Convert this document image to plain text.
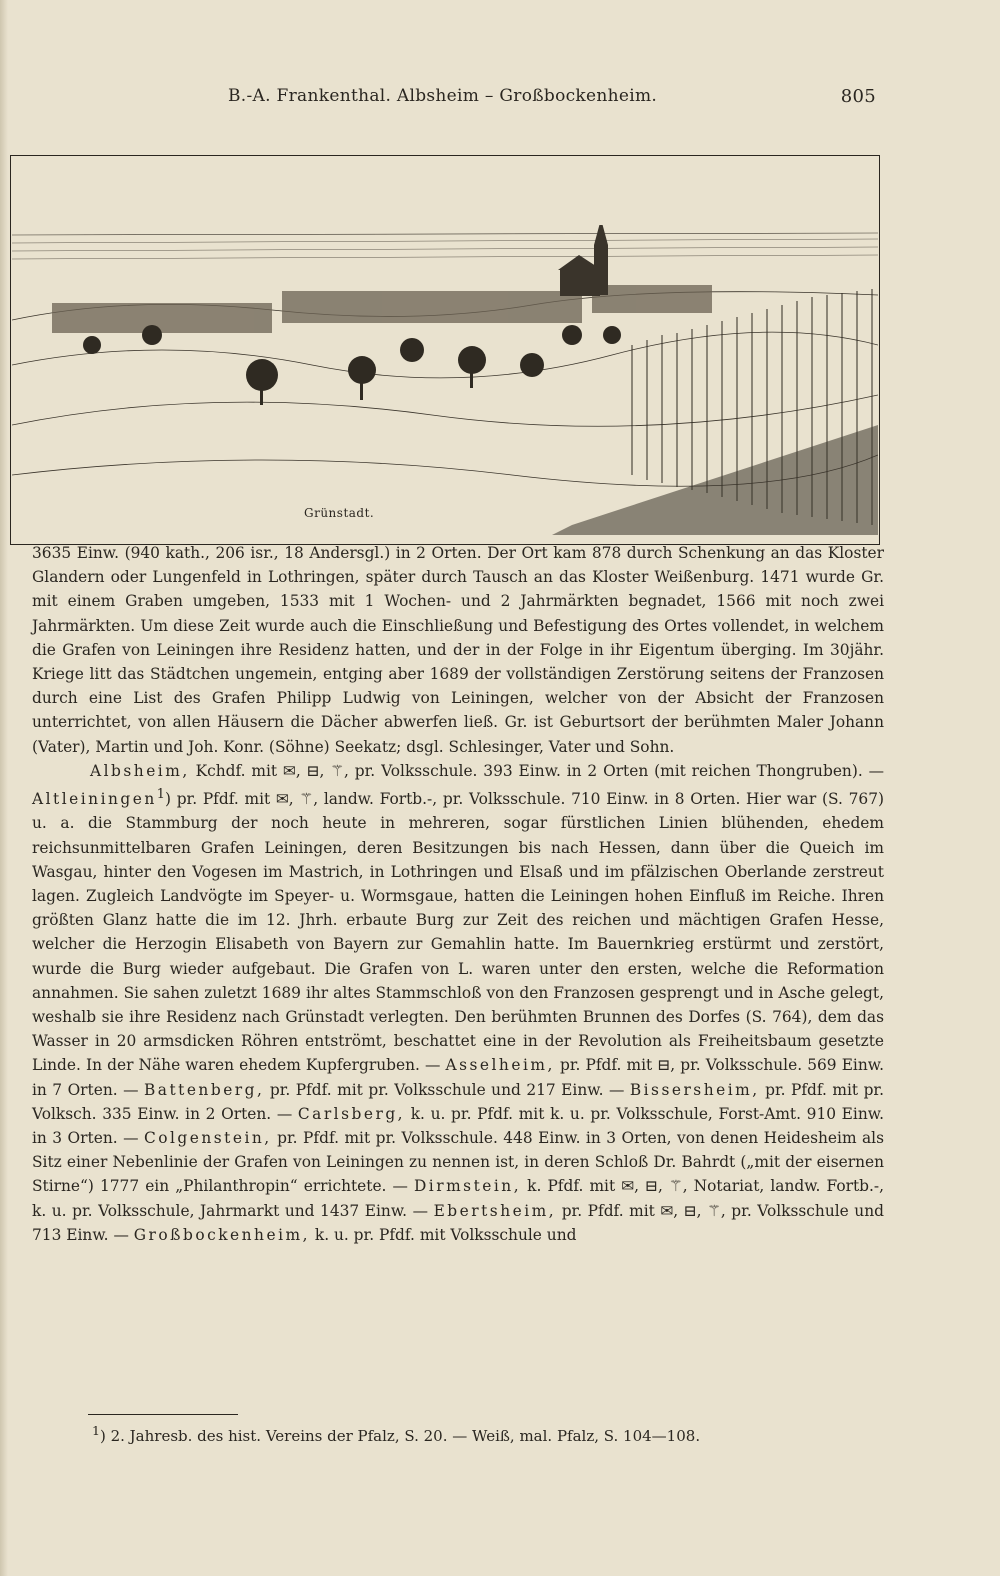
B.-A. Frankenthal. Albsheim – Großbockenheim.	805
Grünstadt.

3635 Einw. (940 kath., 206 isr., 18 Andersgl.) in 2 Orten. Der Ort kam 878 durch Schenkung an das Kloster Glandern oder Lungenfeld in Lothringen, später durch Tausch an das Kloster Weißenburg. 1471 wurde Gr. mit einem Graben umgeben, 1533 mit 1 Wochen- und 2 Jahrmärkten begnadet, 1566 mit noch zwei Jahrmärkten. Um diese Zeit wurde auch die Einschließung und Befestigung des Ortes vollendet, in welchem die Grafen von Leiningen ihre Residenz hatten, und der in der Folge in ihr Eigentum überging. Im 30jähr. Kriege litt das Städtchen ungemein, entging aber 1689 der vollständigen Zerstörung seitens der Franzosen durch eine List des Grafen Philipp Ludwig von Leiningen, welcher von der Absicht der Franzosen unterrichtet, von allen Häusern die Dächer abwerfen ließ. Gr. ist Geburtsort der berühmten Maler Johann (Vater), Martin und Joh. Konr. (Söhne) Seekatz; dsgl. Schlesinger, Vater und Sohn.

Albsheim, Kchdf. mit ✉, ⊟, ⚚, pr. Volksschule. 393 Einw. in 2 Orten (mit reichen Thongruben). — Altleiningen$^1$) pr. Pfdf. mit ✉, ⚚, landw. Fortb.-, pr. Volksschule. 710 Einw. in 8 Orten. Hier war (S. 767) u. a. die Stammburg der noch heute in mehreren, sogar fürstlichen Linien blühenden, ehedem reichsunmittelbaren Grafen Leiningen, deren Besitzungen bis nach Hessen, dann über die Queich im Wasgau, hinter den Vogesen im Mastrich, in Lothringen und Elsaß und im pfälzischen Oberlande zerstreut lagen. Zugleich Landvögte im Speyer- u. Wormsgaue, hatten die Leiningen hohen Einfluß im Reiche. Ihren größten Glanz hatte die im 12. Jhrh. erbaute Burg zur Zeit des reichen und mächtigen Grafen Hesse, welcher die Herzogin Elisabeth von Bayern zur Gemahlin hatte. Im Bauernkrieg erstürmt und zerstört, wurde die Burg wieder aufgebaut. Die Grafen von L. waren unter den ersten, welche die Reformation annahmen. Sie sahen zuletzt 1689 ihr altes Stammschloß von den Franzosen gesprengt und in Asche gelegt, weshalb sie ihre Residenz nach Grünstadt verlegten. Den berühmten Brunnen des Dorfes (S. 764), dem das Wasser in 20 armsdicken Röhren entströmt, beschattet eine in der Revolution als Freiheitsbaum gesetzte Linde. In der Nähe waren ehedem Kupfergruben. — Asselheim, pr. Pfdf. mit ⊟, pr. Volksschule. 569 Einw. in 7 Orten. — Battenberg, pr. Pfdf. mit pr. Volksschule und 217 Einw. — Bissersheim, pr. Pfdf. mit pr. Volksch. 335 Einw. in 2 Orten. — Carlsberg, k. u. pr. Pfdf. mit k. u. pr. Volksschule, Forst-Amt. 910 Einw. in 3 Orten. — Colgenstein, pr. Pfdf. mit pr. Volksschule. 448 Einw. in 3 Orten, von denen Heidesheim als Sitz einer Nebenlinie der Grafen von Leiningen zu nennen ist, in deren Schloß Dr. Bahrdt („mit der eisernen Stirne“) 1777 ein „Philanthropin“ errichtete. — Dirmstein, k. Pfdf. mit ✉, ⊟, ⚚, Notariat, landw. Fortb.-, k. u. pr. Volksschule, Jahrmarkt und 1437 Einw. — Ebertsheim, pr. Pfdf. mit ✉, ⊟, ⚚, pr. Volksschule und 713 Einw. — Großbockenheim, k. u. pr. Pfdf. mit Volksschule und

$^1$) 2. Jahresb. des hist. Vereins der Pfalz, S. 20. — Weiß, mal. Pfalz, S. 104—108.
